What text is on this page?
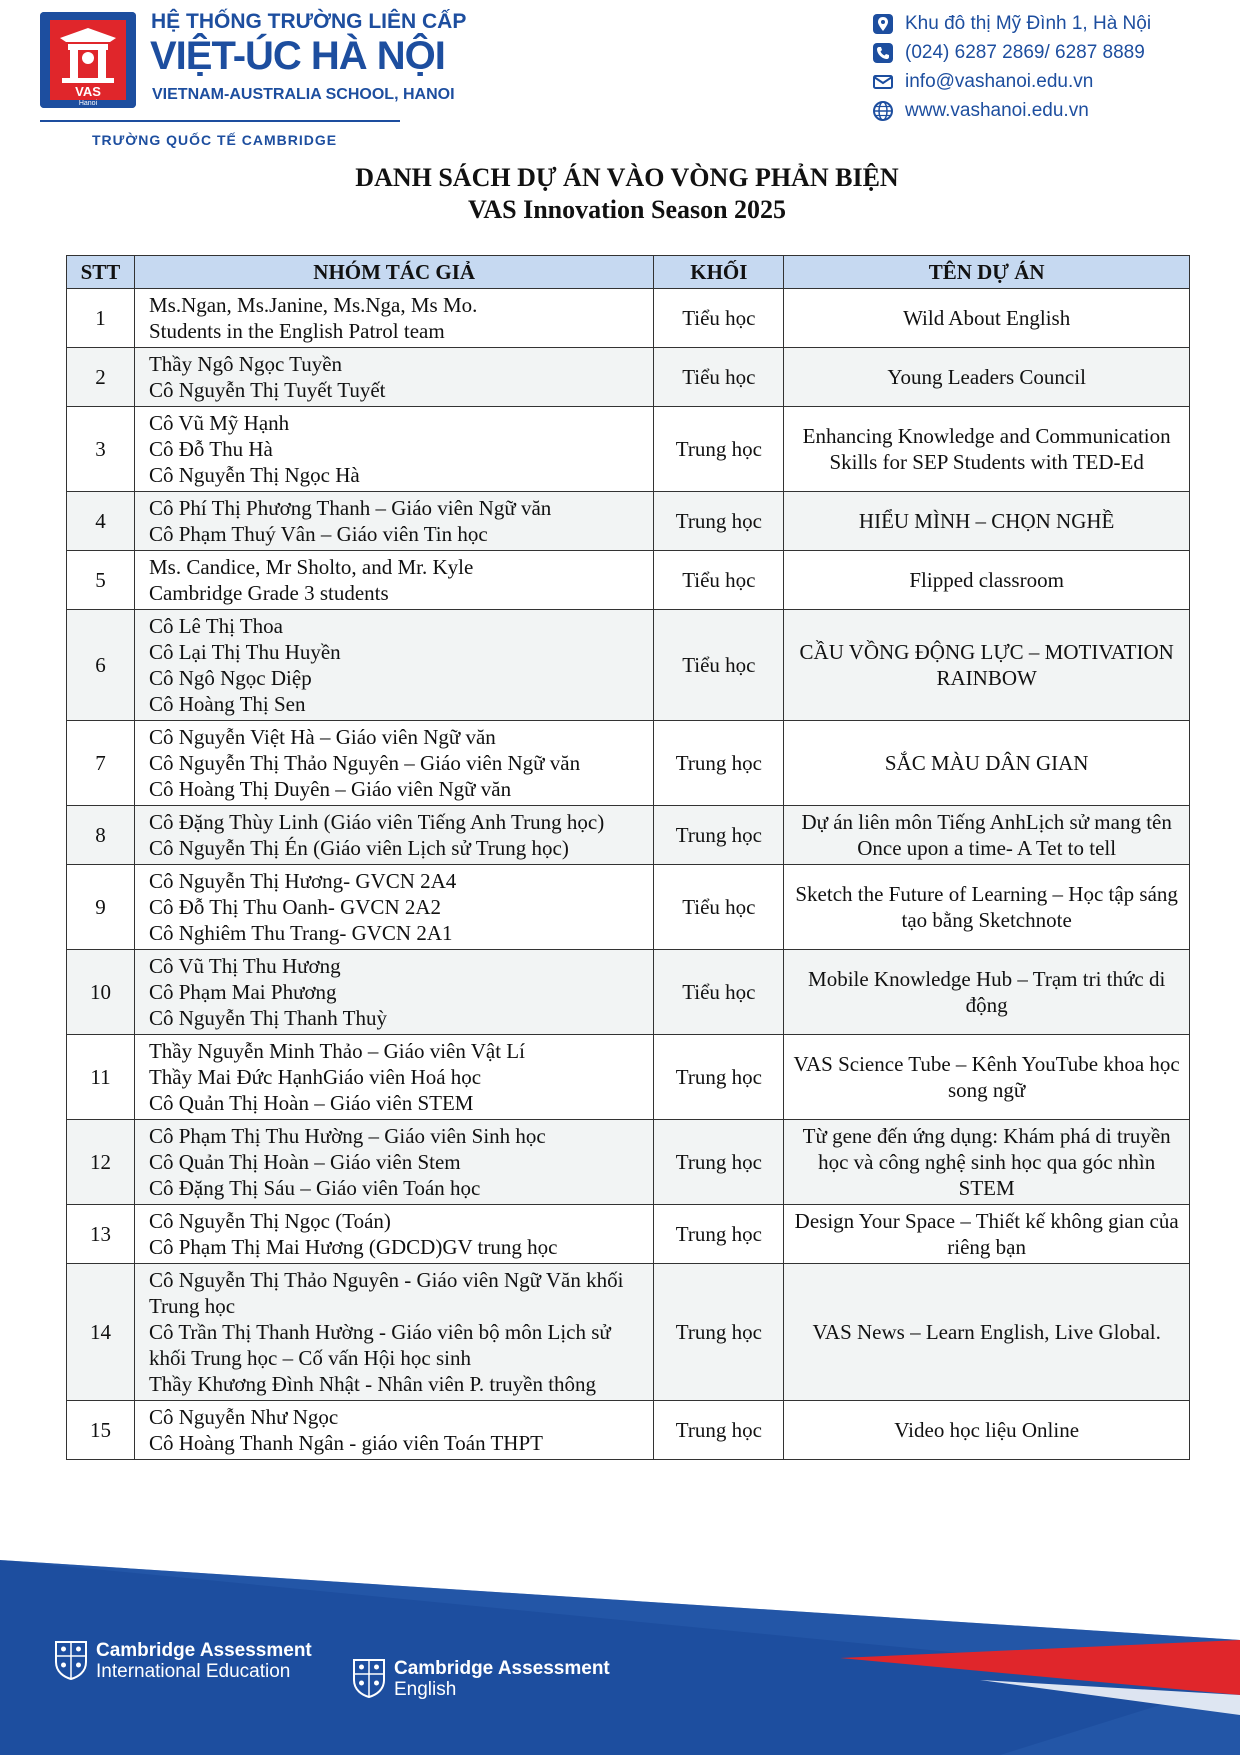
VAS
Hanoi
HỆ THỐNG TRƯỜNG LIÊN CẤP
VIỆT-ÚC HÀ NỘI
VIETNAM-AUSTRALIA SCHOOL, HANOI
TRƯỜNG QUỐC TẾ CAMBRIDGE
Khu đô thị Mỹ Đình 1, Hà Nội
(024) 6287 2869/ 6287 8889
info@vashanoi.edu.vn
www.vashanoi.edu.vn
DANH SÁCH DỰ ÁN VÀO VÒNG PHẢN BIỆN
VAS Innovation Season 2025
STT	NHÓM TÁC GIẢ	KHỐI	TÊN DỰ ÁN
1	Ms.Ngan, Ms.Janine, Ms.Nga, Ms Mo.
Students in the English Patrol team	Tiểu học	Wild About English
2	Thầy Ngô Ngọc Tuyền
Cô Nguyễn Thị Tuyết Tuyết	Tiểu học	Young Leaders Council
3	Cô Vũ Mỹ Hạnh
Cô Đỗ Thu Hà
Cô Nguyễn Thị Ngọc Hà	Trung học	Enhancing Knowledge and Communication Skills for SEP Students with TED-Ed
4	Cô Phí Thị Phương Thanh – Giáo viên Ngữ văn
Cô Phạm Thuý Vân – Giáo viên Tin học	Trung học	HIỂU MÌNH – CHỌN NGHỀ
5	Ms. Candice, Mr Sholto, and Mr. Kyle
Cambridge Grade 3 students	Tiểu học	Flipped classroom
6	Cô Lê Thị Thoa
Cô Lại Thị Thu Huyền
Cô Ngô Ngọc Diệp
Cô Hoàng Thị Sen	Tiểu học	CẦU VỒNG ĐỘNG LỰC – MOTIVATION RAINBOW
7	Cô Nguyễn Việt Hà – Giáo viên Ngữ văn
Cô Nguyễn Thị Thảo Nguyên – Giáo viên Ngữ văn
Cô Hoàng Thị Duyên – Giáo viên Ngữ văn	Trung học	SẮC MÀU DÂN GIAN
8	Cô Đặng Thùy Linh (Giáo viên Tiếng Anh Trung học)
Cô Nguyễn Thị Én (Giáo viên Lịch sử Trung học)	Trung học	Dự án liên môn Tiếng AnhLịch sử mang tên Once upon a time- A Tet to tell
9	Cô Nguyễn Thị Hương- GVCN 2A4
Cô Đỗ Thị Thu Oanh- GVCN 2A2
Cô Nghiêm Thu Trang- GVCN 2A1	Tiểu học	Sketch the Future of Learning – Học tập sáng tạo bằng Sketchnote
10	Cô Vũ Thị Thu Hương
Cô Phạm Mai Phương
Cô Nguyễn Thị Thanh Thuỳ	Tiểu học	Mobile Knowledge Hub – Trạm tri thức di động
11	Thầy Nguyễn Minh Thảo – Giáo viên Vật Lí
Thầy Mai Đức HạnhGiáo viên Hoá học
Cô Quản Thị Hoàn – Giáo viên STEM	Trung học	VAS Science Tube – Kênh YouTube khoa học song ngữ
12	Cô Phạm Thị Thu Hường – Giáo viên Sinh học
Cô Quản Thị Hoàn – Giáo viên Stem
Cô Đặng Thị Sáu – Giáo viên Toán học	Trung học	Từ gene đến ứng dụng: Khám phá di truyền học và công nghệ sinh học qua góc nhìn STEM
13	Cô Nguyễn Thị Ngọc (Toán)
Cô Phạm Thị Mai Hương (GDCD)GV trung học	Trung học	Design Your Space – Thiết kế không gian của riêng bạn
14	Cô Nguyễn Thị Thảo Nguyên - Giáo viên Ngữ Văn khối Trung học
Cô Trần Thị Thanh Hường - Giáo viên bộ môn Lịch sử khối Trung học – Cố vấn Hội học sinh
Thầy Khương Đình Nhật - Nhân viên P. truyền thông	Trung học	VAS News – Learn English, Live Global.
15	Cô Nguyễn Như Ngọc
Cô Hoàng Thanh Ngân - giáo viên Toán THPT	Trung học	Video học liệu Online
Cambridge Assessment
International Education	Cambridge Assessment
English
